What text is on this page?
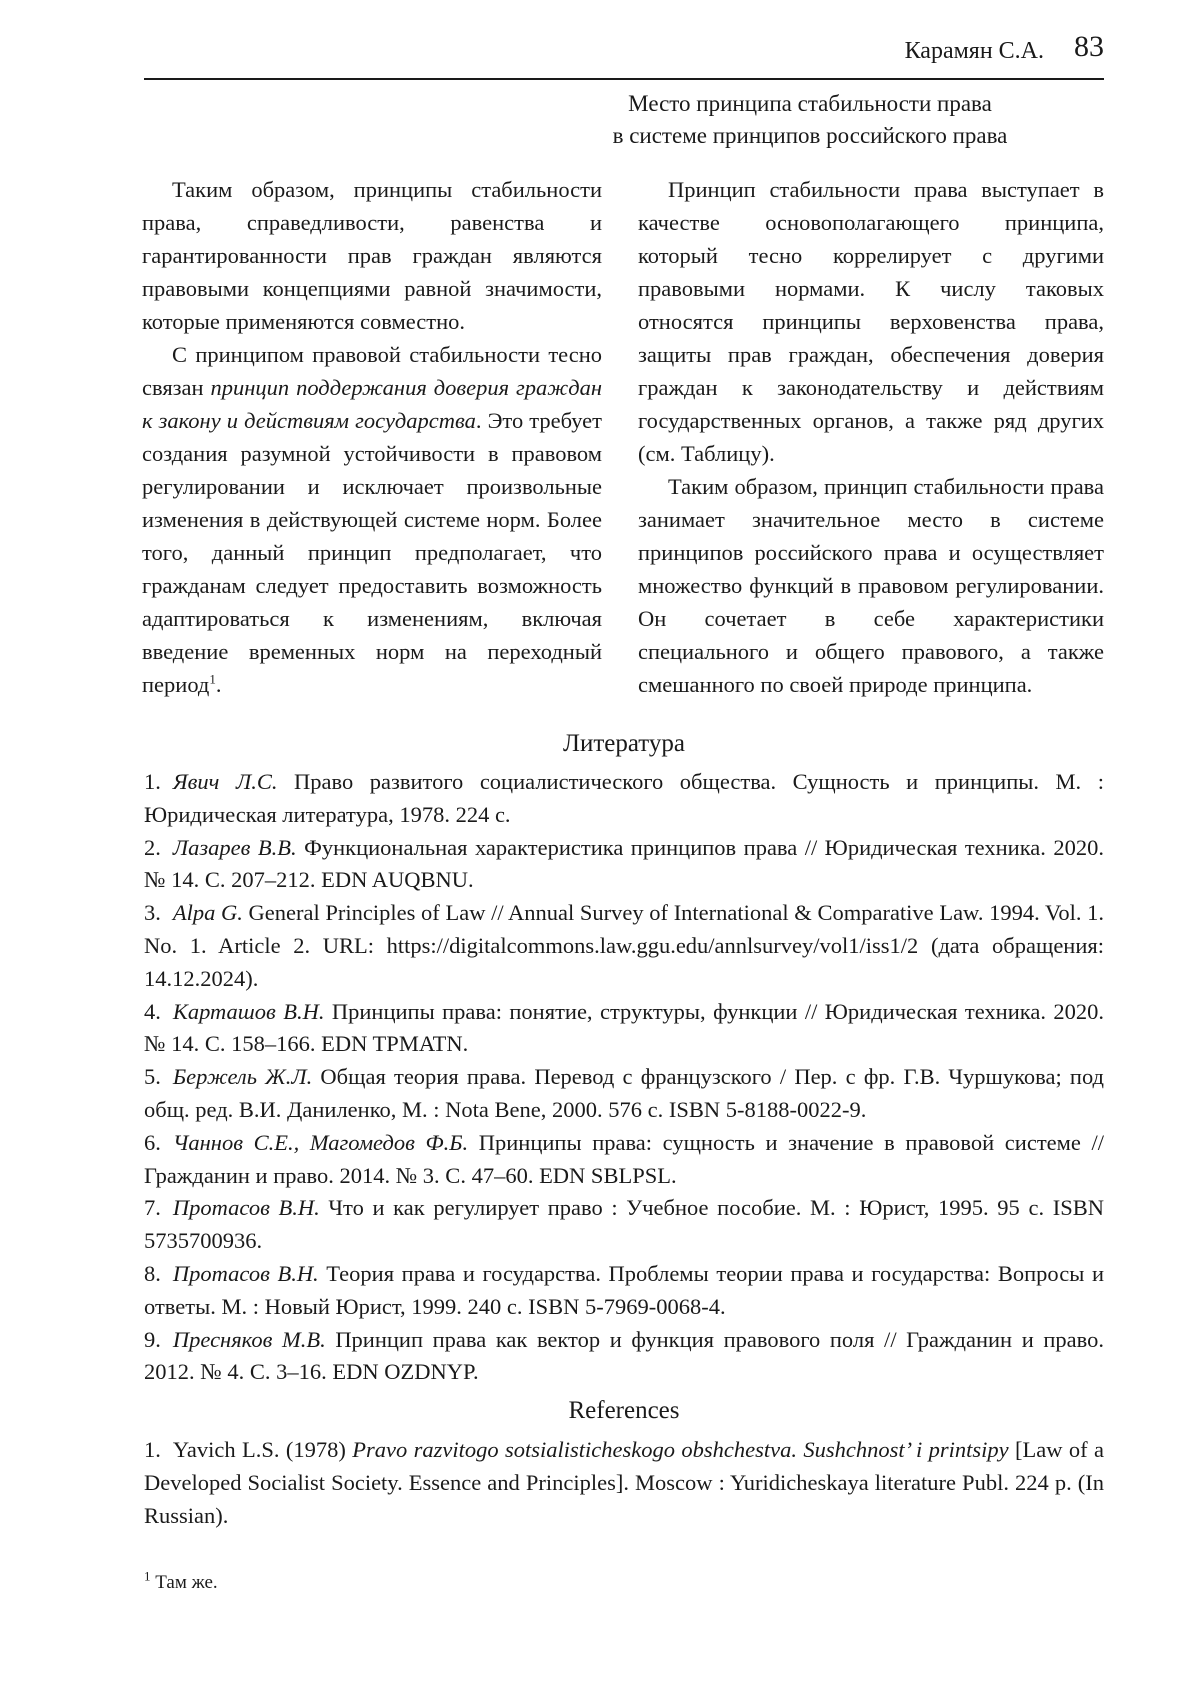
Карамян С.А. 83
Место принципа стабильности права
в системе принципов российского права

Таким образом, принципы стабильности права, справедливости, равенства и гарантированности прав граждан являются правовыми концепциями равной значимости, которые применяются совместно.

С принципом правовой стабильности тесно связан принцип поддержания доверия граждан к закону и действиям государства. Это требует создания разумной устойчивости в правовом регулировании и исключает произвольные изменения в действующей системе норм. Более того, данный принцип предполагает, что гражданам следует предоставить возможность адаптироваться к изменениям, включая введение временных норм на переходный период$^1$.

Принцип стабильности права выступает в качестве основополагающего принципа, который тесно коррелирует с другими правовыми нормами. К числу таковых относятся принципы верховенства права, защиты прав граждан, обеспечения доверия граждан к законодательству и действиям государственных органов, а также ряд других (см. Таблицу).

Таким образом, принцип стабильности права занимает значительное место в системе принципов российского права и осуществляет множество функций в правовом регулировании. Он сочетает в себе характеристики специального и общего правового, а также смешанного по своей природе принципа.

Литература

1. Явич Л.С. Право развитого социалистического общества. Сущность и принципы. М. : Юридическая литература, 1978. 224 с.

2. Лазарев В.В. Функциональная характеристика принципов права // Юридическая техника. 2020. № 14. С. 207–212. EDN AUQBNU.

3. Alpa G. General Principles of Law // Annual Survey of International & Comparative Law. 1994. Vol. 1. No. 1. Article 2. URL: https://digitalcommons.law.ggu.edu/annlsurvey/vol1/iss1/2 (дата обращения: 14.12.2024).

4. Карташов В.Н. Принципы права: понятие, структуры, функции // Юридическая техника. 2020. № 14. С. 158–166. EDN TPMATN.

5. Бержель Ж.Л. Общая теория права. Перевод с французского / Пер. с фр. Г.В. Чуршукова; под общ. ред. В.И. Даниленко, М. : Nota Bene, 2000. 576 с. ISBN 5-8188-0022-9.

6. Чаннов С.Е., Магомедов Ф.Б. Принципы права: сущность и значение в правовой системе // Гражданин и право. 2014. № 3. С. 47–60. EDN SBLPSL.

7. Протасов В.Н. Что и как регулирует право : Учебное пособие. М. : Юрист, 1995. 95 с. ISBN 5735700936.

8. Протасов В.Н. Теория права и государства. Проблемы теории права и государства: Вопросы и ответы. М. : Новый Юрист, 1999. 240 с. ISBN 5-7969-0068-4.

9. Пресняков М.В. Принцип права как вектор и функция правового поля // Гражданин и право. 2012. № 4. С. 3–16. EDN OZDNYP.

References

1. Yavich L.S. (1978) Pravo razvitogo sotsialisticheskogo obshchestva. Sushchnost’ i printsipy [Law of a Developed Socialist Society. Essence and Principles]. Moscow : Yuridicheskaya literature Publ. 224 p. (In Russian).

$^1$ Там же.
